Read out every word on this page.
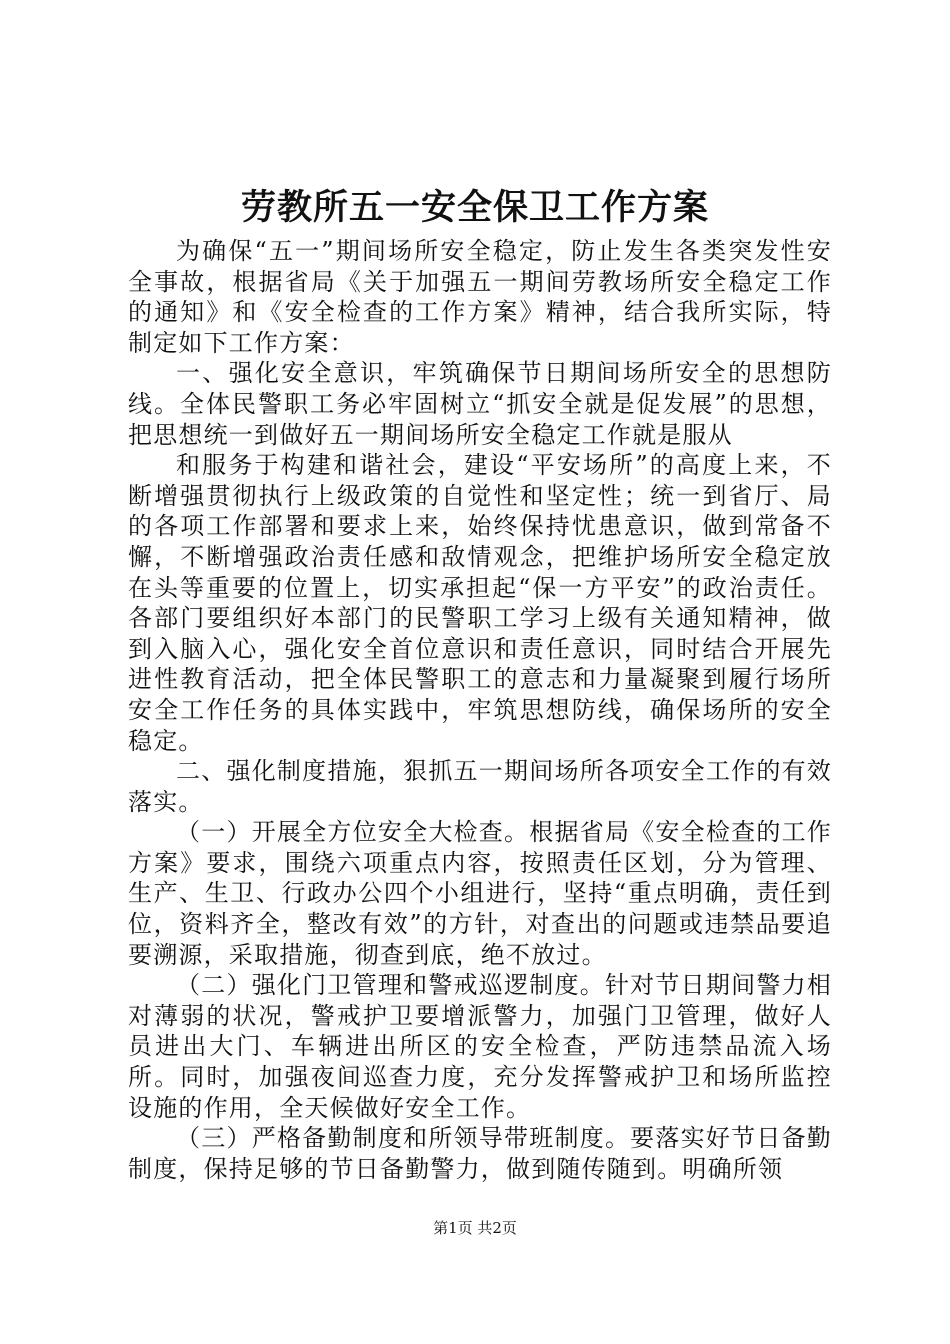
劳教所五一安全保卫工作方案

为确保“五一”期间场所安全稳定，防止发生各类突发性安全事故，根据省局《关于加强五一期间劳教场所安全稳定工作的通知》和《安全检查的工作方案》精神，结合我所实际，特制定如下工作方案：

一、强化安全意识，牢筑确保节日期间场所安全的思想防线。全体民警职工务必牢固树立“抓安全就是促发展”的思想，把思想统一到做好五一期间场所安全稳定工作就是服从

和服务于构建和谐社会，建设“平安场所”的高度上来，不断增强贯彻执行上级政策的自觉性和坚定性；统一到省厅、局的各项工作部署和要求上来，始终保持忧患意识，做到常备不懈，不断增强政治责任感和敌情观念，把维护场所安全稳定放在头等重要的位置上，切实承担起“保一方平安”的政治责任。各部门要组织好本部门的民警职工学习上级有关通知精神，做到入脑入心，强化安全首位意识和责任意识，同时结合开展先进性教育活动，把全体民警职工的意志和力量凝聚到履行场所安全工作任务的具体实践中，牢筑思想防线，确保场所的安全稳定。

二、强化制度措施，狠抓五一期间场所各项安全工作的有效落实。

（一）开展全方位安全大检查。根据省局《安全检查的工作方案》要求，围绕六项重点内容，按照责任区划，分为管理、生产、生卫、行政办公四个小组进行，坚持“重点明确，责任到位，资料齐全，整改有效”的方针，对查出的问题或违禁品要追要溯源，采取措施，彻查到底，绝不放过。

（二）强化门卫管理和警戒巡逻制度。针对节日期间警力相对薄弱的状况，警戒护卫要增派警力，加强门卫管理，做好人员进出大门、车辆进出所区的安全检查，严防违禁品流入场所。同时，加强夜间巡查力度，充分发挥警戒护卫和场所监控设施的作用，全天候做好安全工作。

（三）严格备勤制度和所领导带班制度。要落实好节日备勤制度，保持足够的节日备勤警力，做到随传随到。明确所领

第1页 共2页
